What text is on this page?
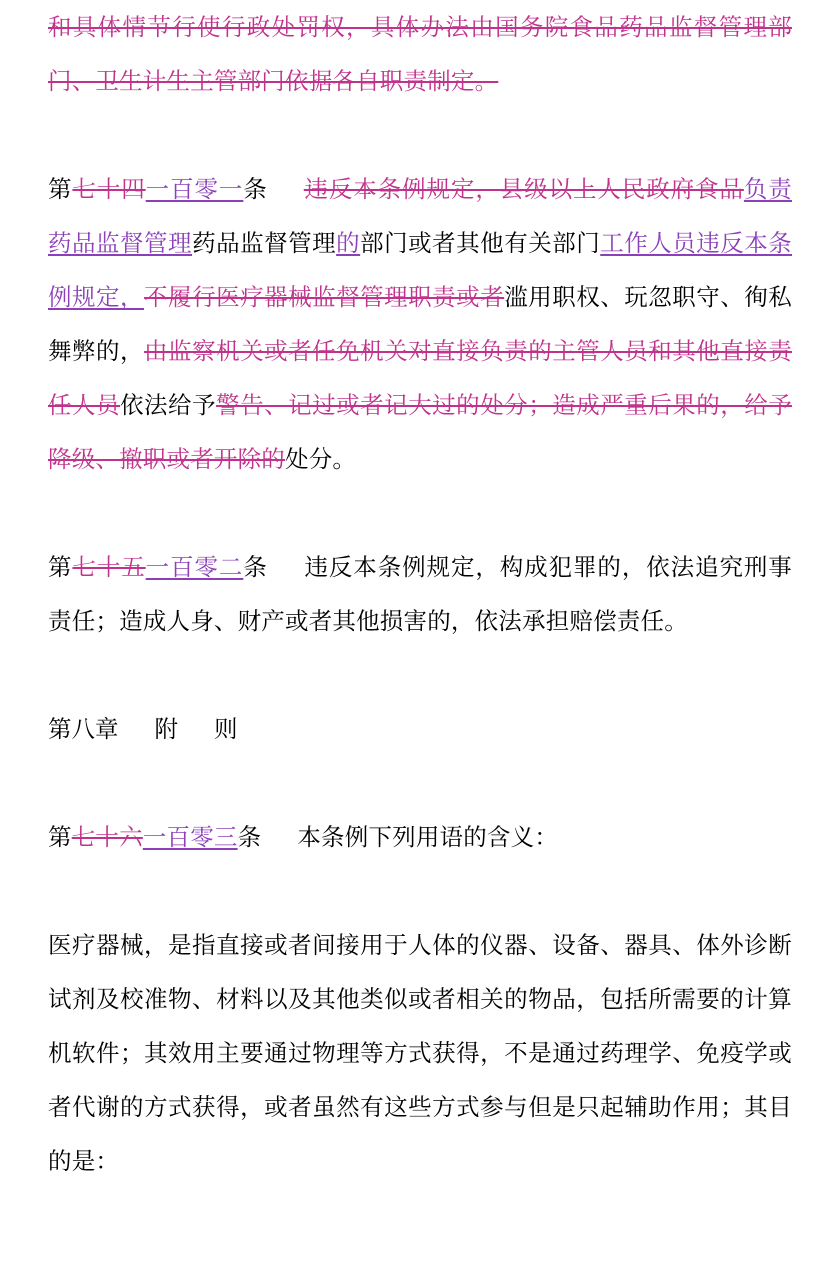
和具体情节行使行政处罚权，具体办法由国务院食品药品监督管理部门、卫生计生主管部门依据各自职责制定。
第七十四一百零一条 违反本条例规定，县级以上人民政府食品负责药品监督管理药品监督管理的部门或者其他有关部门工作人员违反本条例规定，不履行医疗器械监督管理职责或者滥用职权、玩忽职守、徇私舞弊的，由监察机关或者任免机关对直接负责的主管人员和其他直接责任人员依法给予警告、记过或者记大过的处分；造成严重后果的，给予降级、撤职或者开除的处分。
第七十五一百零二条 违反本条例规定，构成犯罪的，依法追究刑事责任；造成人身、财产或者其他损害的，依法承担赔偿责任。
第八章 附 则
第七十六一百零三条 本条例下列用语的含义：
医疗器械，是指直接或者间接用于人体的仪器、设备、器具、体外诊断试剂及校准物、材料以及其他类似或者相关的物品，包括所需要的计算机软件；其效用主要通过物理等方式获得，不是通过药理学、免疫学或者代谢的方式获得，或者虽然有这些方式参与但是只起辅助作用；其目的是：
